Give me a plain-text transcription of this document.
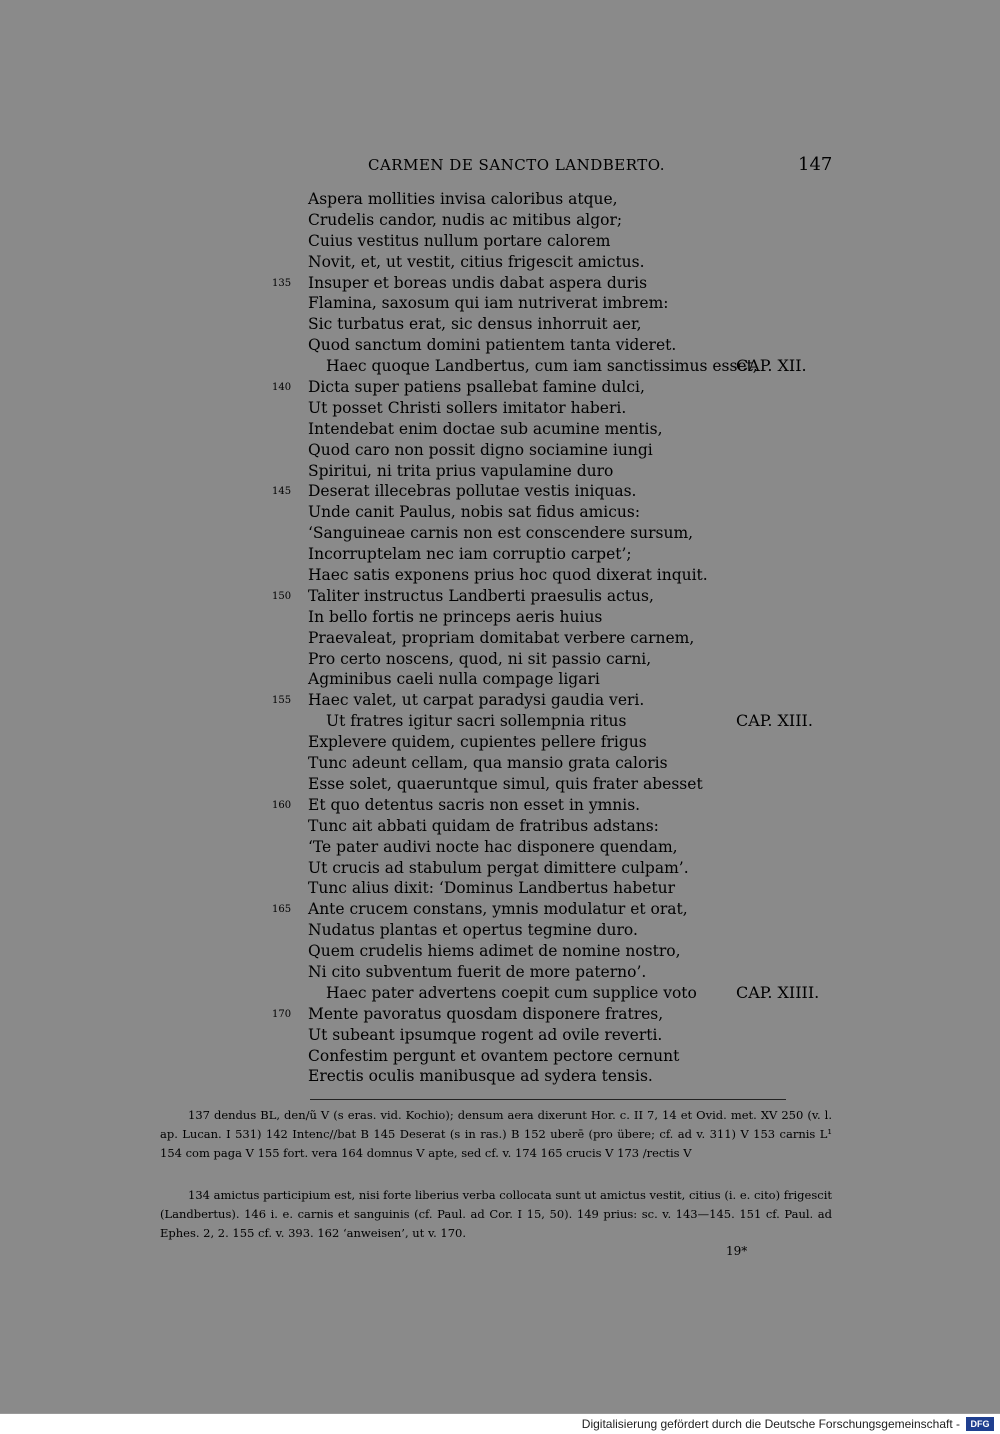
CARMEN DE SANCTO LANDBERTO.	147
Aspera mollities invisa caloribus atque,
Crudelis candor, nudis ac mitibus algor;
Cuius vestitus nullum portare calorem
Novit, et, ut vestit, citius frigescit amictus.
135 Insuper et boreas undis dabat aspera duris
Flamina, saxosum qui iam nutriverat imbrem:
Sic turbatus erat, sic densus inhorruit aer,
Quod sanctum domini patientem tanta videret.
Haec quoque Landbertus, cum iam sanctissimus esset,
CAP. XII.
140 Dicta super patiens psallebat famine dulci,
Ut posset Christi sollers imitator haberi.
Intendebat enim doctae sub acumine mentis,
Quod caro non possit digno sociamine iungi
Spiritui, ni trita prius vapulamine duro
145 Deserat illecebras pollutae vestis iniquas.
Unde canit Paulus, nobis sat fidus amicus:
‘Sanguineae carnis non est conscendere sursum,
Incorruptelam nec iam corruptio carpet’;
Haec satis exponens prius hoc quod dixerat inquit.
150 Taliter instructus Landberti praesulis actus,
In bello fortis ne princeps aeris huius
Praevaleat, propriam domitabat verbere carnem,
Pro certo noscens, quod, ni sit passio carni,
Agminibus caeli nulla compage ligari
155 Haec valet, ut carpat paradysi gaudia veri.
Ut fratres igitur sacri sollempnia ritus	CAP. XIII.
Explevere quidem, cupientes pellere frigus
Tunc adeunt cellam, qua mansio grata caloris
Esse solet, quaeruntque simul, quis frater abesset
160 Et quo detentus sacris non esset in ymnis.
Tunc ait abbati quidam de fratribus adstans:
‘Te pater audivi nocte hac disponere quendam,
Ut crucis ad stabulum pergat dimittere culpam’.
Tunc alius dixit: ‘Dominus Landbertus habetur
165 Ante crucem constans, ymnis modulatur et orat,
Nudatus plantas et opertus tegmine duro.
Quem crudelis hiems adimet de nomine nostro,
Ni cito subventum fuerit de more paterno’.
Haec pater advertens coepit cum supplice voto CAP. XIIII.
170 Mente pavoratus quosdam disponere fratres,
Ut subeant ipsumque rogent ad ovile reverti.
Confestim pergunt et ovantem pectore cernunt
Erectis oculis manibusque ad sydera tensis.

137 dendus BL, den/ũ V (s eras. vid. Kochio); densum aera dixerunt Hor. c. II 7, 14 et Ovid. met. XV 250 (v. l. ap. Lucan. I 531) 142 Intenc//bat B 145 Deserat (s in ras.) B 152 uberē (pro übere; cf. ad v. 311) V 153 carnis L¹ 154 com paga V 155 fort. vera 164 domnus V apte, sed cf. v. 174 165 crucis V 173 /rectis V

134 amictus participium est, nisi forte liberius verba collocata sunt ut amictus vestit, citius (i. e. cito) frigescit (Landbertus). 146 i. e. carnis et sanguinis (cf. Paul. ad Cor. I 15, 50). 149 prius: sc. v. 143—145. 151 cf. Paul. ad Ephes. 2, 2. 155 cf. v. 393. 162 ‘anweisen’, ut v. 170.

19*
Digitalisierung gefördert durch die Deutsche Forschungsgemeinschaft -	DFG
